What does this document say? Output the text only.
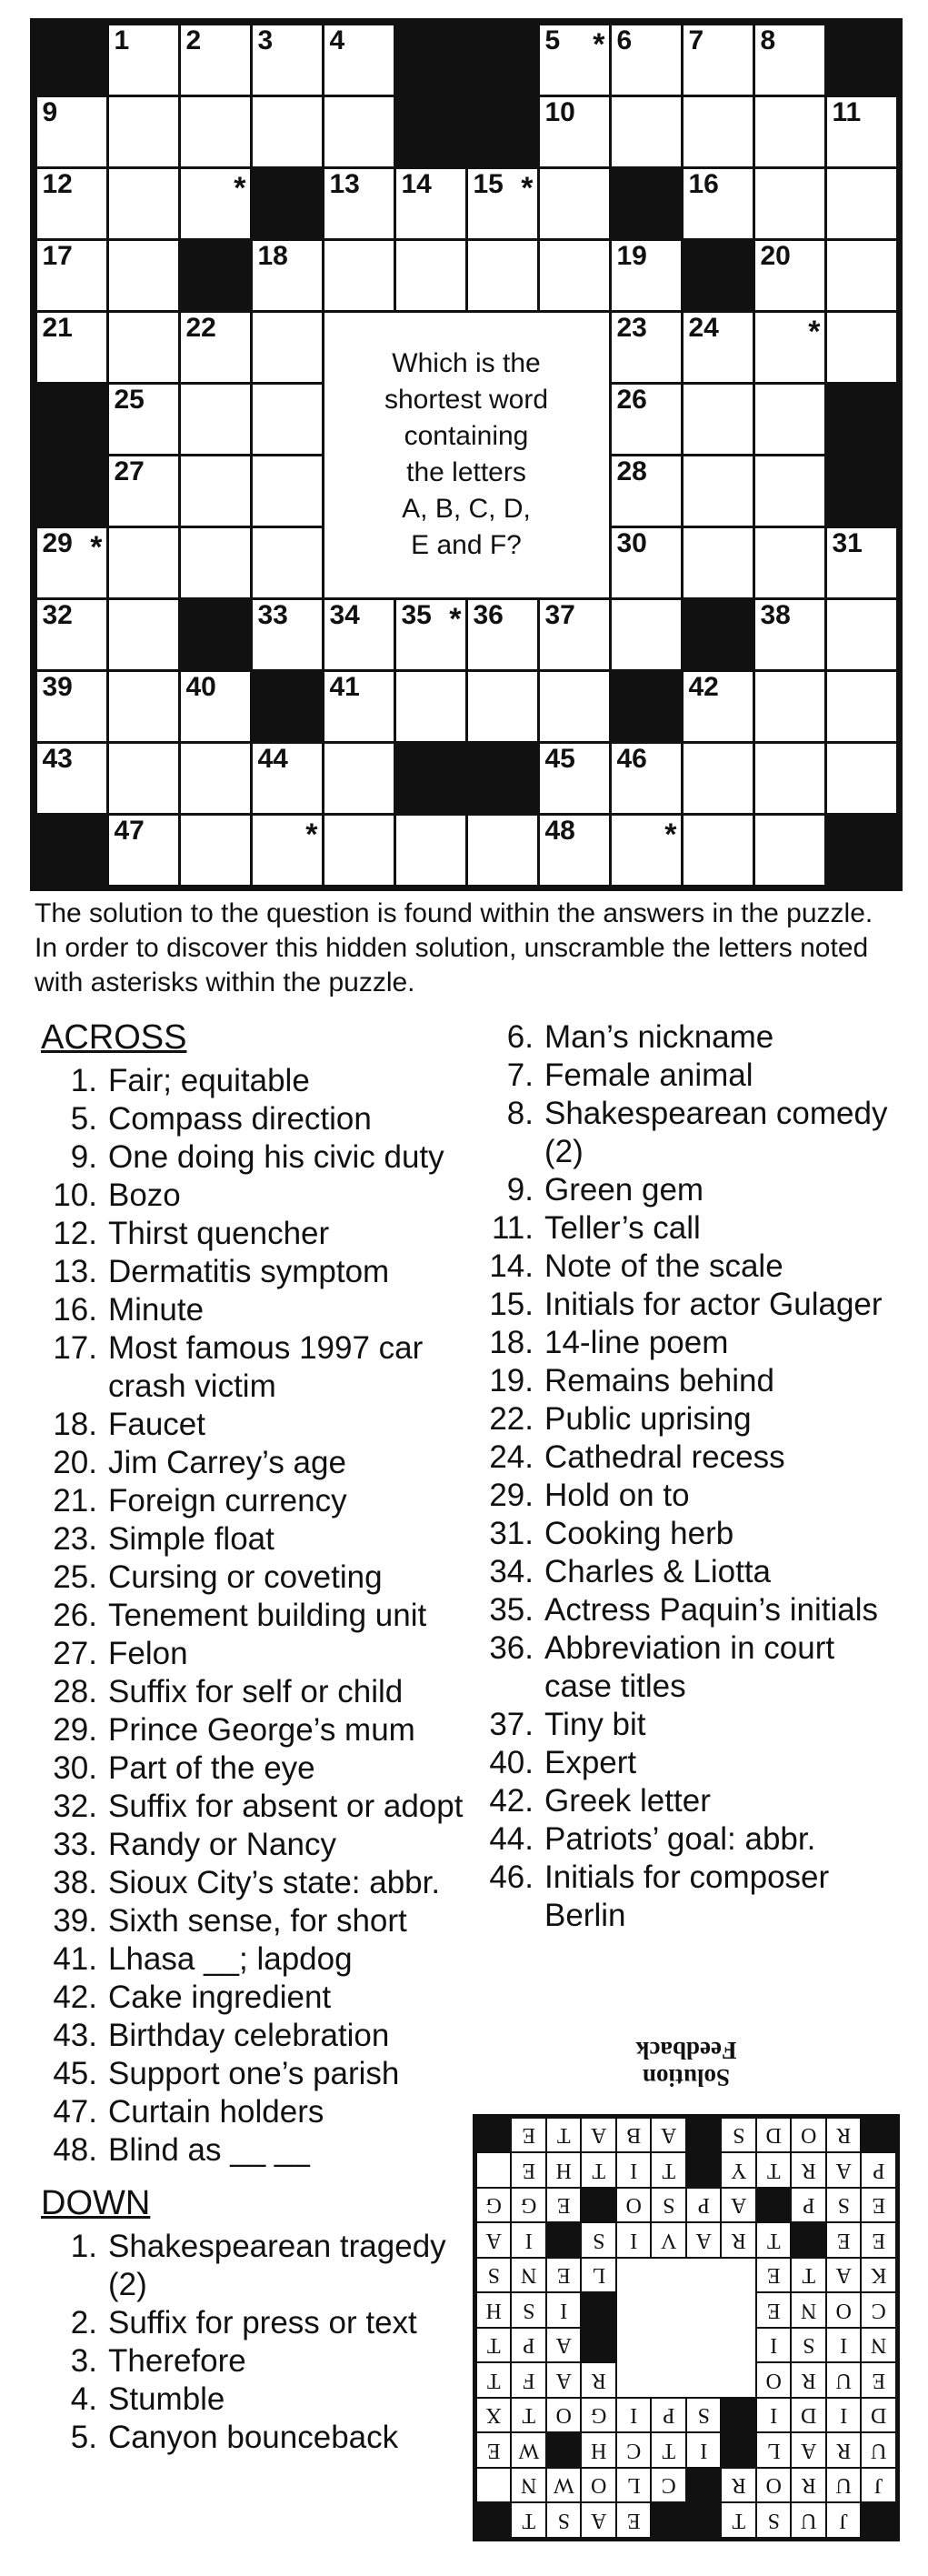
1 2 3 4	5 * 6 7 8
9	10	11
12	*	13 14 15 *	16
17	18	19	20
21	22	23 24	*
25	26
27	28
29 *	30	31
32	33 34 35 * 36 37	38
39	40	41	42
43	44	45 46
47	*	48	*
Which is the
shortest word
containing
the letters
A, B, C, D,
E and F?
The solution to the question is found within the answers in the puzzle. In order to discover this hidden solution, unscramble the letters noted with asterisks within the puzzle.
ACROSS
1. Fair; equitable
5. Compass direction
9. One doing his civic duty
10. Bozo
12. Thirst quencher
13. Dermatitis symptom
16. Minute
17. Most famous 1997 car crash victim
18. Faucet
20. Jim Carrey’s age
21. Foreign currency
23. Simple float
25. Cursing or coveting
26. Tenement building unit
27. Felon
28. Suffix for self or child
29. Prince George’s mum
30. Part of the eye
32. Suffix for absent or adopt
33. Randy or Nancy
38. Sioux City’s state: abbr.
39. Sixth sense, for short
41. Lhasa __; lapdog
42. Cake ingredient
43. Birthday celebration
45. Support one’s parish
47. Curtain holders
48. Blind as __ __
DOWN
1. Shakespearean tragedy (2)
2. Suffix for press or text
3. Therefore
4. Stumble
5. Canyon bounceback
6. Man’s nickname
7. Female animal
8. Shakespearean comedy (2)
9. Green gem
11. Teller’s call
14. Note of the scale
15. Initials for actor Gulager
18. 14-line poem
19. Remains behind
22. Public uprising
24. Cathedral recess
29. Hold on to
31. Cooking herb
34. Charles & Liotta
35. Actress Paquin’s initials
36. Abbreviation in court case titles
37. Tiny bit
40. Expert
42. Greek letter
44. Patriots’ goal: abbr.
46. Initials for composer Berlin
J
U
S
T
E
A
S
T
J
U
R
O
R
C
L
O
W
N
U
R
A
L
I
T
C
H
W
E
D
I
D
I
S
P
I
G
O
T
X
E
U
R
O
R
A
F
T
N
I
S
I
A
P
T
C
O
N
E
I
S
H
K
A
T
E
L
E
N
S
E
E
T
R
A
V
I
S
I
A
E
S
P
A
P
S
O
E
G
G
P
A
R
T
Y
T
I
T
H
E
R
O
D
S
A
B
A
T
E
Solution
Feedback
